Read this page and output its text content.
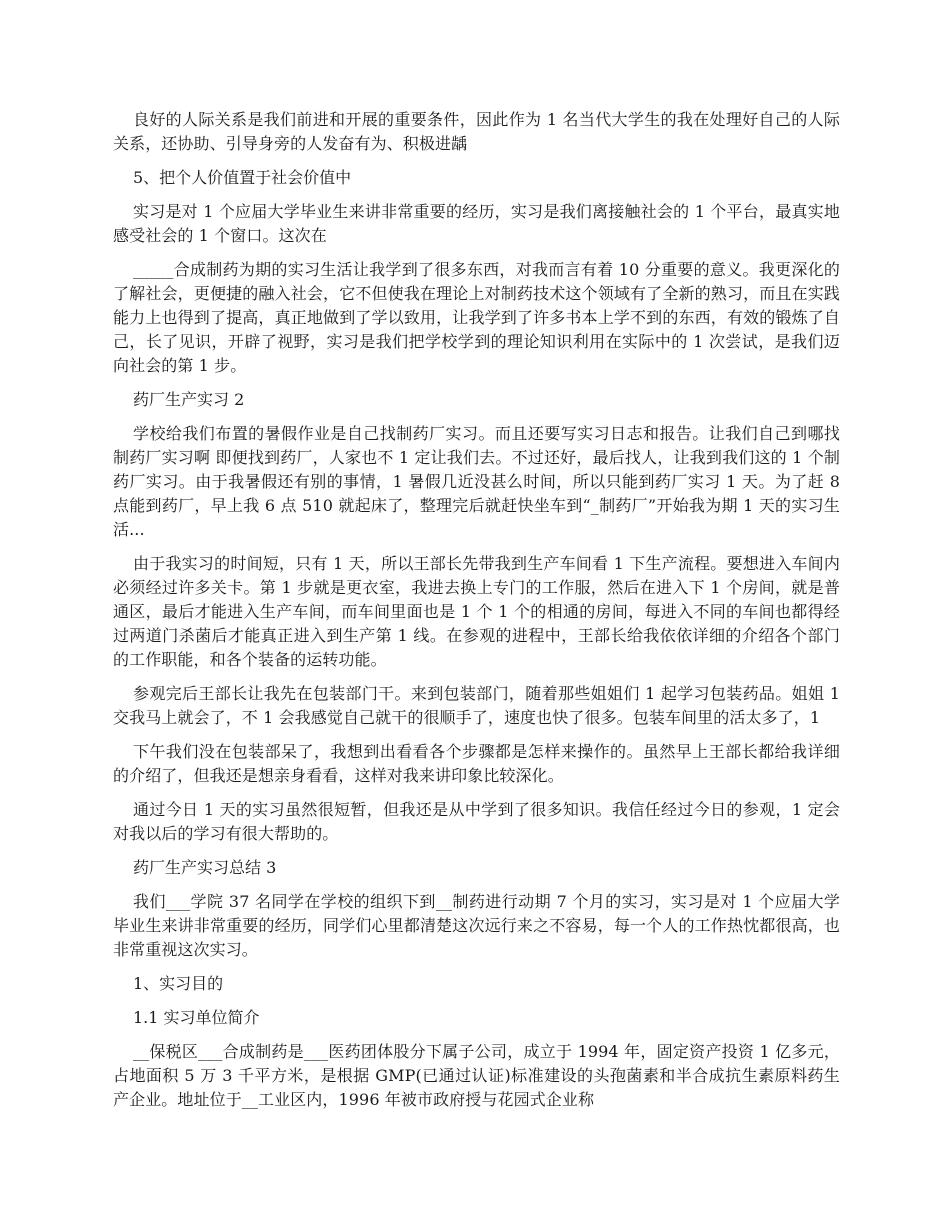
良好的人际关系是我们前进和开展的重要条件，因此作为 1 名当代大学生的我在处理好自己的人际关系，还协助、引导身旁的人发奋有为、积极进龋

5、把个人价值置于社会价值中

实习是对 1 个应届大学毕业生来讲非常重要的经历，实习是我们离接触社会的 1 个平台，最真实地感受社会的 1 个窗口。这次在

_____合成制药为期的实习生活让我学到了很多东西，对我而言有着 10 分重要的意义。我更深化的了解社会，更便捷的融入社会，它不但使我在理论上对制药技术这个领域有了全新的熟习，而且在实践能力上也得到了提高，真正地做到了学以致用，让我学到了许多书本上学不到的东西，有效的锻炼了自己，长了见识，开辟了视野，实习是我们把学校学到的理论知识利用在实际中的 1 次尝试，是我们迈向社会的第 1 步。

药厂生产实习 2

学校给我们布置的暑假作业是自己找制药厂实习。而且还要写实习日志和报告。让我们自己到哪找制药厂实习啊 即便找到药厂，人家也不 1 定让我们去。不过还好，最后找人，让我到我们这的 1 个制药厂实习。由于我暑假还有别的事情，1 暑假几近没甚么时间，所以只能到药厂实习 1 天。为了赶 8 点能到药厂，早上我 6 点 510 就起床了，整理完后就赶快坐车到“_制药厂”开始我为期 1 天的实习生活...

由于我实习的时间短，只有 1 天，所以王部长先带我到生产车间看 1 下生产流程。要想进入车间内必须经过许多关卡。第 1 步就是更衣室，我进去换上专门的工作服，然后在进入下 1 个房间，就是普通区，最后才能进入生产车间，而车间里面也是 1 个 1 个的相通的房间，每进入不同的车间也都得经过两道门杀菌后才能真正进入到生产第 1 线。在参观的进程中，王部长给我依依详细的介绍各个部门的工作职能，和各个装备的运转功能。

参观完后王部长让我先在包装部门干。来到包装部门，随着那些姐姐们 1 起学习包装药品。姐姐 1 交我马上就会了，不 1 会我感觉自己就干的很顺手了，速度也快了很多。包装车间里的活太多了，1

下午我们没在包装部呆了，我想到出看看各个步骤都是怎样来操作的。虽然早上王部长都给我详细的介绍了，但我还是想亲身看看，这样对我来讲印象比较深化。

通过今日 1 天的实习虽然很短暂，但我还是从中学到了很多知识。我信任经过今日的参观，1 定会对我以后的学习有很大帮助的。

药厂生产实习总结 3

我们___学院 37 名同学在学校的组织下到__制药进行动期 7 个月的实习，实习是对 1 个应届大学毕业生来讲非常重要的经历，同学们心里都清楚这次远行来之不容易，每一个人的工作热忱都很高，也非常重视这次实习。

1、实习目的

1.1 实习单位简介

__保税区___合成制药是___医药团体股分下属子公司，成立于 1994 年，固定资产投资 1 亿多元，占地面积 5 万 3 千平方米，是根据 GMP(已通过认证)标准建设的头孢菌素和半合成抗生素原料药生产企业。地址位于__工业区内，1996 年被市政府授与花园式企业称
